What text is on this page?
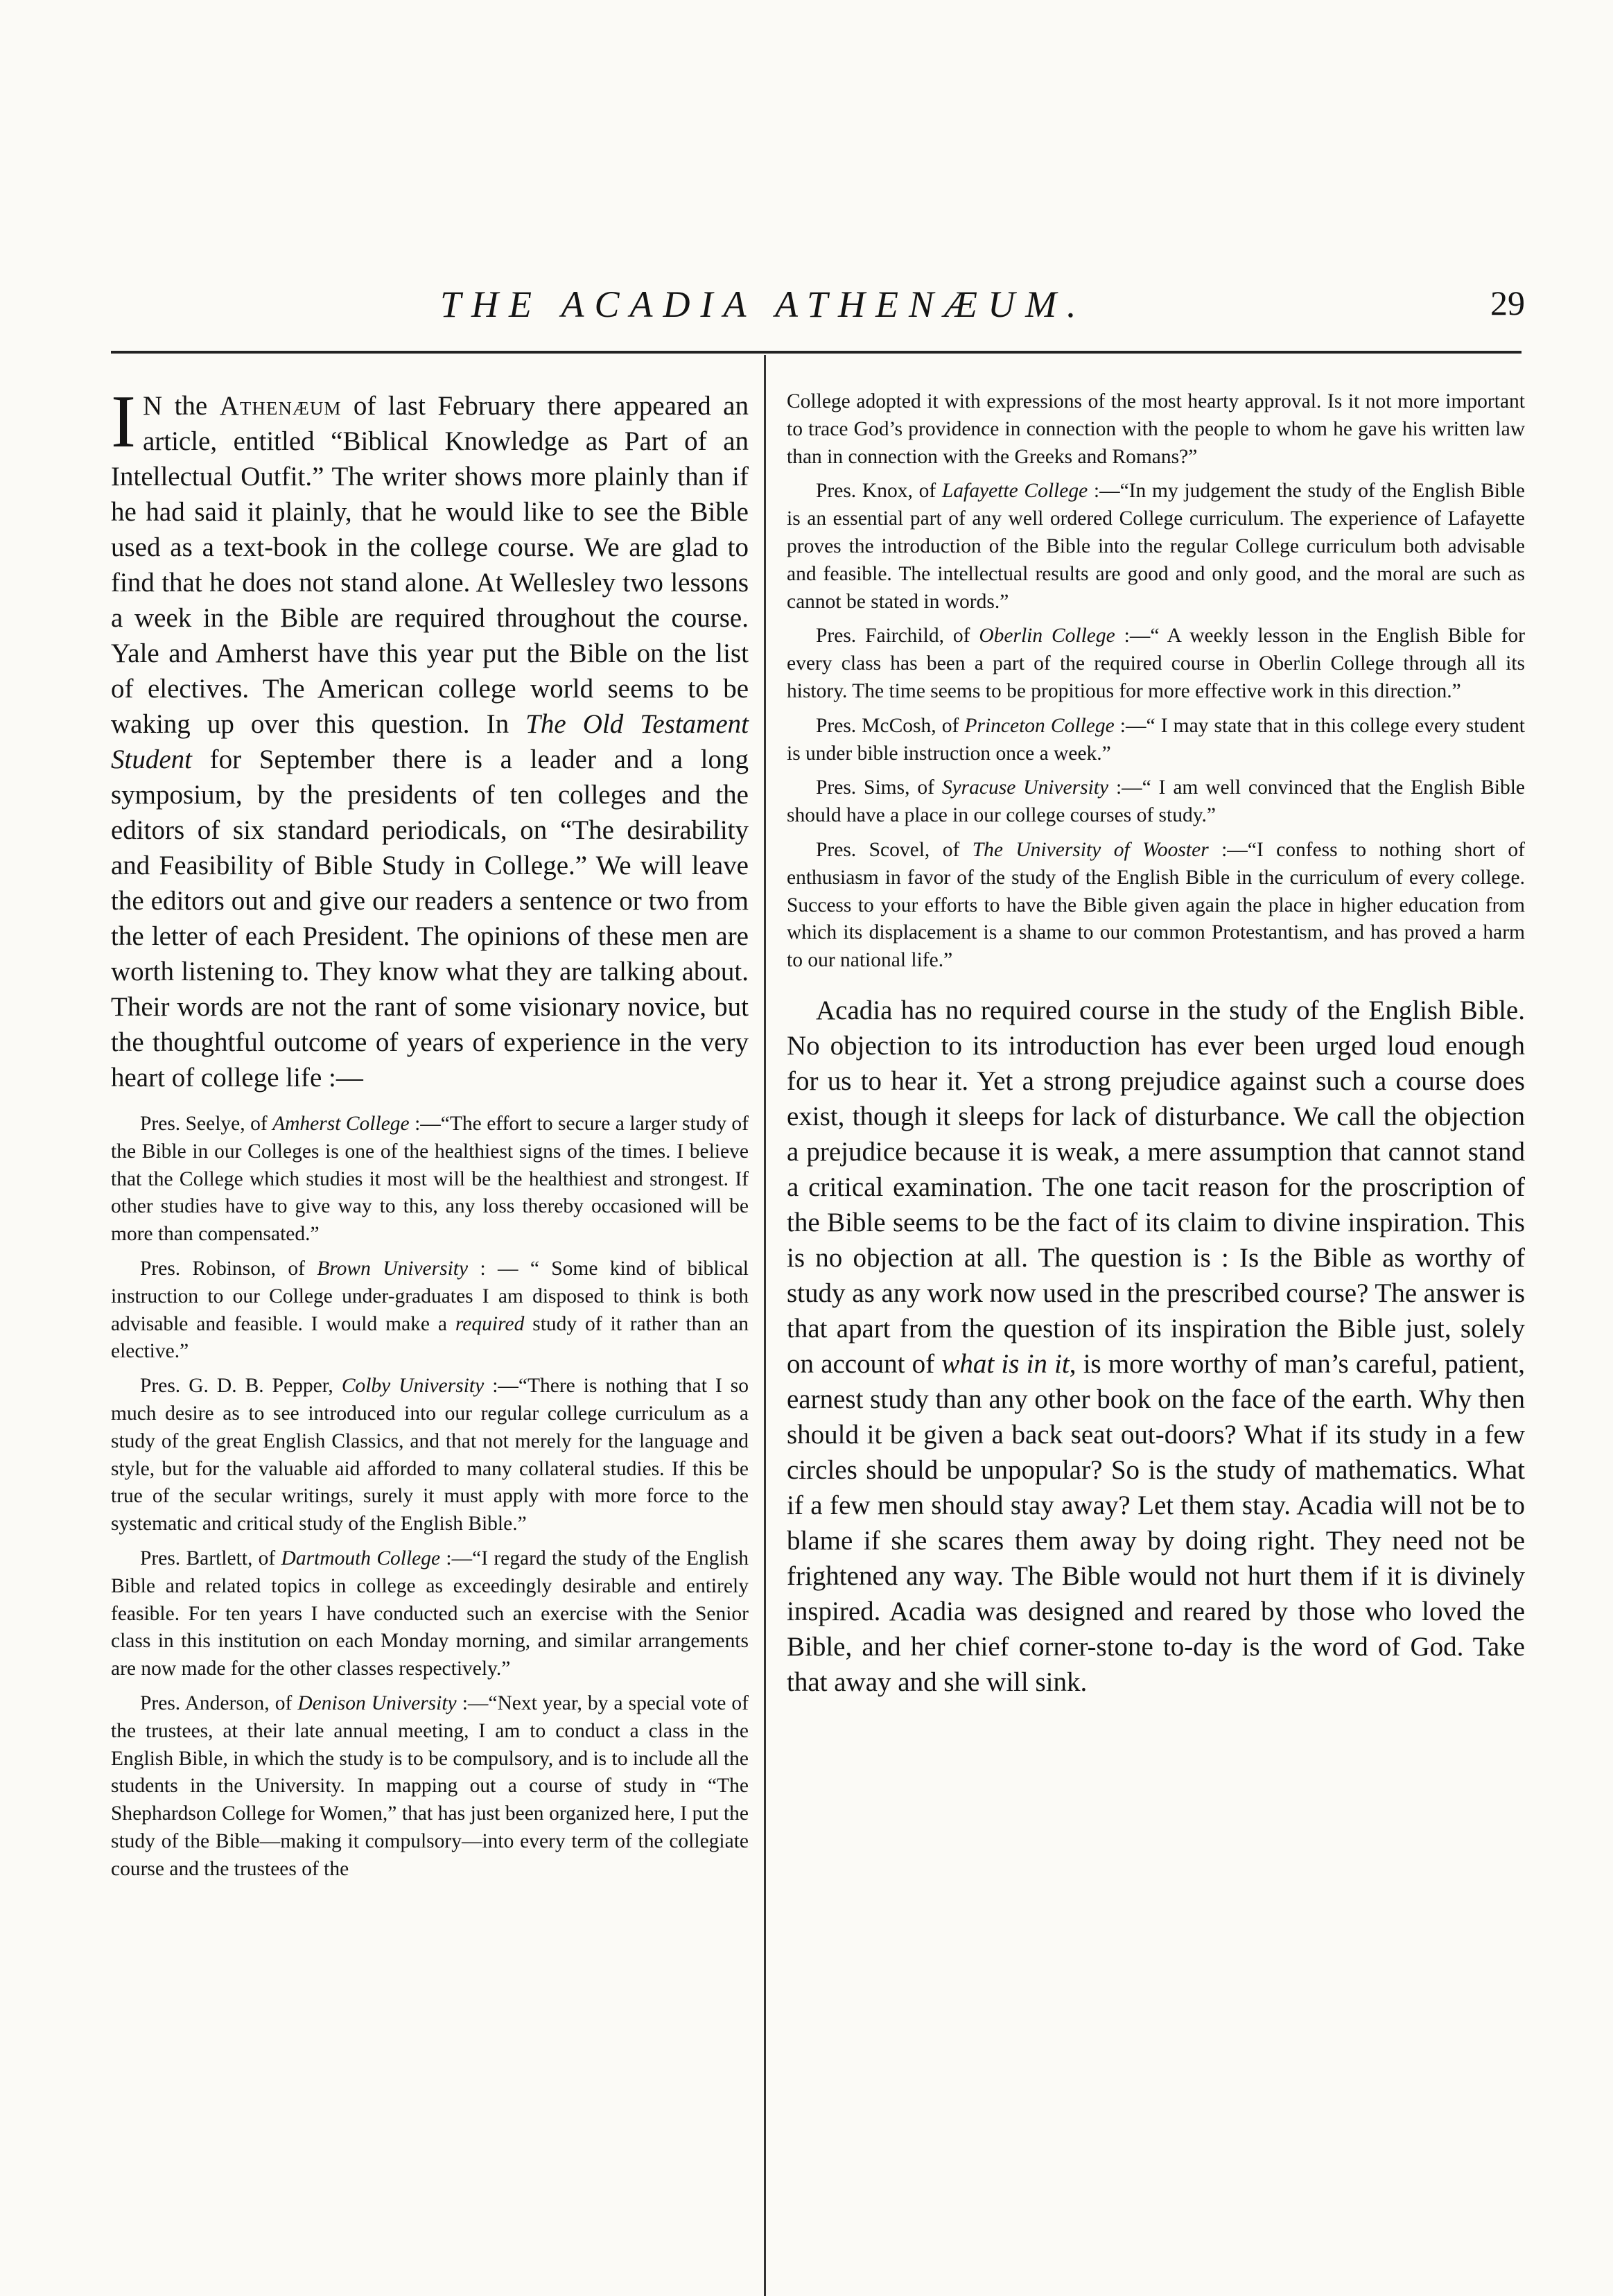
THE ACADIA ATHENÆUM.	29

I N the Athenæum of last February there appeared an article, entitled “Biblical Knowledge as Part of an Intellectual Outfit.” The writer shows more plainly than if he had said it plainly, that he would like to see the Bible used as a text-book in the college course. We are glad to find that he does not stand alone. At Wellesley two lessons a week in the Bible are required throughout the course. Yale and Amherst have this year put the Bible on the list of electives. The American college world seems to be waking up over this question. In The Old Testament Student for September there is a leader and a long symposium, by the presidents of ten colleges and the editors of six standard periodicals, on “The desirability and Feasibility of Bible Study in College.” We will leave the editors out and give our readers a sentence or two from the letter of each President. The opinions of these men are worth listening to. They know what they are talking about. Their words are not the rant of some visionary novice, but the thoughtful outcome of years of experience in the very heart of college life :—

Pres. Seelye, of Amherst College :—“The effort to secure a larger study of the Bible in our Colleges is one of the healthiest signs of the times. I believe that the College which studies it most will be the healthiest and strongest. If other studies have to give way to this, any loss thereby occasioned will be more than compensated.”

Pres. Robinson, of Brown University : — “ Some kind of biblical instruction to our College under-graduates I am disposed to think is both advisable and feasible. I would make a required study of it rather than an elective.”

Pres. G. D. B. Pepper, Colby University :—“There is nothing that I so much desire as to see introduced into our regular college curriculum as a study of the great English Classics, and that not merely for the language and style, but for the valuable aid afforded to many collateral studies. If this be true of the secular writings, surely it must apply with more force to the systematic and critical study of the English Bible.”

Pres. Bartlett, of Dartmouth College :—“I regard the study of the English Bible and related topics in college as exceedingly desirable and entirely feasible. For ten years I have conducted such an exercise with the Senior class in this institution on each Monday morning, and similar arrangements are now made for the other classes respectively.”

Pres. Anderson, of Denison University :—“Next year, by a special vote of the trustees, at their late annual meeting, I am to conduct a class in the English Bible, in which the study is to be compulsory, and is to include all the students in the University. In mapping out a course of study in “The Shephardson College for Women,” that has just been organized here, I put the study of the Bible—making it compulsory—into every term of the collegiate course and the trustees of the

College adopted it with expressions of the most hearty approval. Is it not more important to trace God’s providence in connection with the people to whom he gave his written law than in connection with the Greeks and Romans?”

Pres. Knox, of Lafayette College :—“In my judgement the study of the English Bible is an essential part of any well ordered College curriculum. The experience of Lafayette proves the introduction of the Bible into the regular College curriculum both advisable and feasible. The intellectual results are good and only good, and the moral are such as cannot be stated in words.”

Pres. Fairchild, of Oberlin College :—“ A weekly lesson in the English Bible for every class has been a part of the required course in Oberlin College through all its history. The time seems to be propitious for more effective work in this direction.”

Pres. McCosh, of Princeton College :—“ I may state that in this college every student is under bible instruction once a week.”

Pres. Sims, of Syracuse University :—“ I am well convinced that the English Bible should have a place in our college courses of study.”

Pres. Scovel, of The University of Wooster :—“I confess to nothing short of enthusiasm in favor of the study of the English Bible in the curriculum of every college. Success to your efforts to have the Bible given again the place in higher education from which its displacement is a shame to our common Protestantism, and has proved a harm to our national life.”

Acadia has no required course in the study of the English Bible. No objection to its introduction has ever been urged loud enough for us to hear it. Yet a strong prejudice against such a course does exist, though it sleeps for lack of disturbance. We call the objection a prejudice because it is weak, a mere assumption that cannot stand a critical examination. The one tacit reason for the proscription of the Bible seems to be the fact of its claim to divine inspiration. This is no objection at all. The question is : Is the Bible as worthy of study as any work now used in the prescribed course? The answer is that apart from the question of its inspiration the Bible just, solely on account of what is in it, is more worthy of man’s careful, patient, earnest study than any other book on the face of the earth. Why then should it be given a back seat out-doors? What if its study in a few circles should be unpopular? So is the study of mathematics. What if a few men should stay away? Let them stay. Acadia will not be to blame if she scares them away by doing right. They need not be frightened any way. The Bible would not hurt them if it is divinely inspired. Acadia was designed and reared by those who loved the Bible, and her chief corner-stone to-day is the word of God. Take that away and she will sink.
